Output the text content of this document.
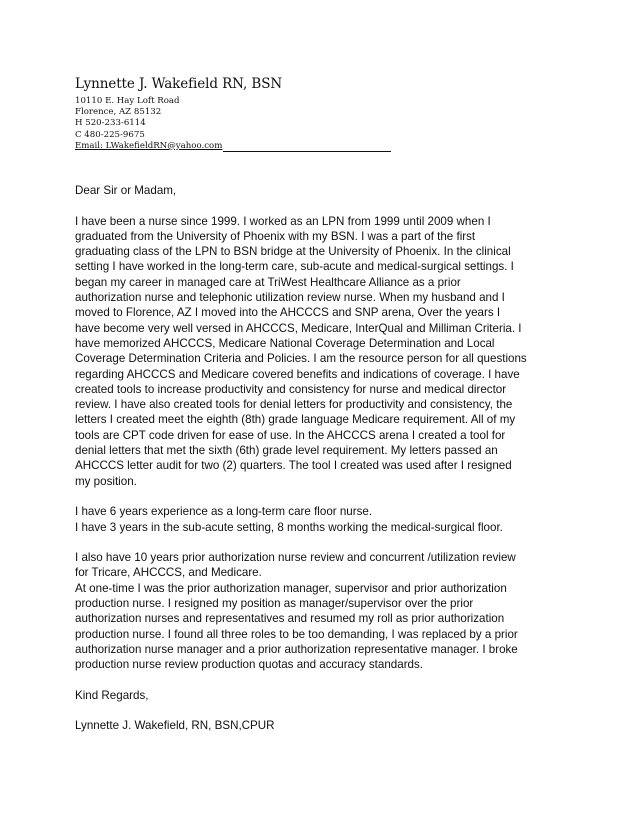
Lynnette J. Wakefield RN, BSN
10110 E. Hay Loft Road
Florence, AZ 85132
H 520-233-6114
C 480-225-9675
Email: LWakefieldRN@yahoo.com

Dear Sir or Madam,

I have been a nurse since 1999. I worked as an LPN from 1999 until 2009 when I
graduated from the University of Phoenix with my BSN. I was a part of the first
graduating class of the LPN to BSN bridge at the University of Phoenix. In the clinical
setting I have worked in the long-term care, sub-acute and medical-surgical settings. I
began my career in managed care at TriWest Healthcare Alliance as a prior
authorization nurse and telephonic utilization review nurse. When my husband and I
moved to Florence, AZ I moved into the AHCCCS and SNP arena, Over the years I
have become very well versed in AHCCCS, Medicare, InterQual and Milliman Criteria. I
have memorized AHCCCS, Medicare National Coverage Determination and Local
Coverage Determination Criteria and Policies. I am the resource person for all questions
regarding AHCCCS and Medicare covered benefits and indications of coverage. I have
created tools to increase productivity and consistency for nurse and medical director
review. I have also created tools for denial letters for productivity and consistency, the
letters I created meet the eighth (8th) grade language Medicare requirement. All of my
tools are CPT code driven for ease of use. In the AHCCCS arena I created a tool for
denial letters that met the sixth (6th) grade level requirement. My letters passed an
AHCCCS letter audit for two (2) quarters. The tool I created was used after I resigned
my position.

I have 6 years experience as a long-term care floor nurse.
I have 3 years in the sub-acute setting, 8 months working the medical-surgical floor.

I also have 10 years prior authorization nurse review and concurrent /utilization review
for Tricare, AHCCCS, and Medicare.
At one-time I was the prior authorization manager, supervisor and prior authorization
production nurse. I resigned my position as manager/supervisor over the prior
authorization nurses and representatives and resumed my roll as prior authorization
production nurse. I found all three roles to be too demanding, I was replaced by a prior
authorization nurse manager and a prior authorization representative manager. I broke
production nurse review production quotas and accuracy standards.

Kind Regards,

Lynnette J. Wakefield, RN, BSN,CPUR
